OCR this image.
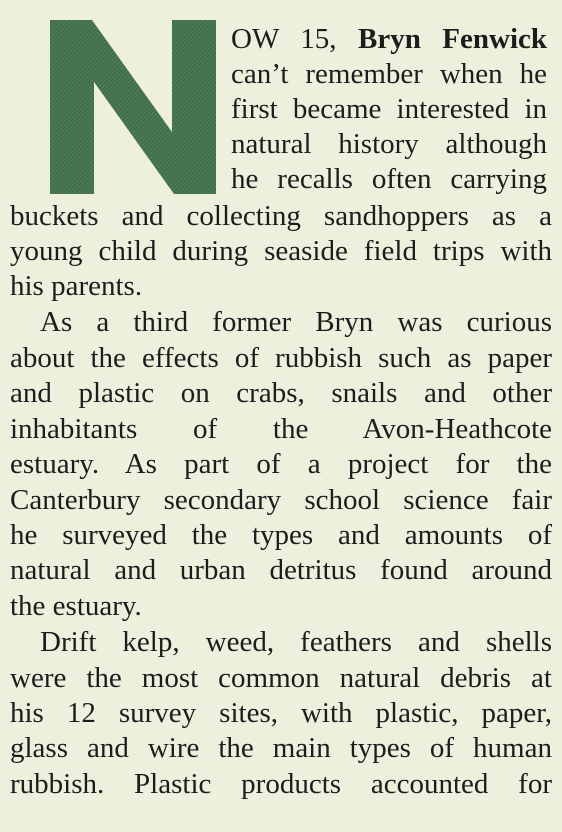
OW 15, Bryn Fenwick
can’t remember when he
first became interested in
natural history although
he recalls often carrying
buckets and collecting sandhoppers as a
young child during seaside field trips with
his parents.
As a third former Bryn was curious
about the effects of rubbish such as paper
and plastic on crabs, snails and other
inhabitants of the Avon-Heathcote
estuary. As part of a project for the
Canterbury secondary school science fair
he surveyed the types and amounts of
natural and urban detritus found around
the estuary.
Drift kelp, weed, feathers and shells
were the most common natural debris at
his 12 survey sites, with plastic, paper,
glass and wire the main types of human
rubbish. Plastic products accounted for
